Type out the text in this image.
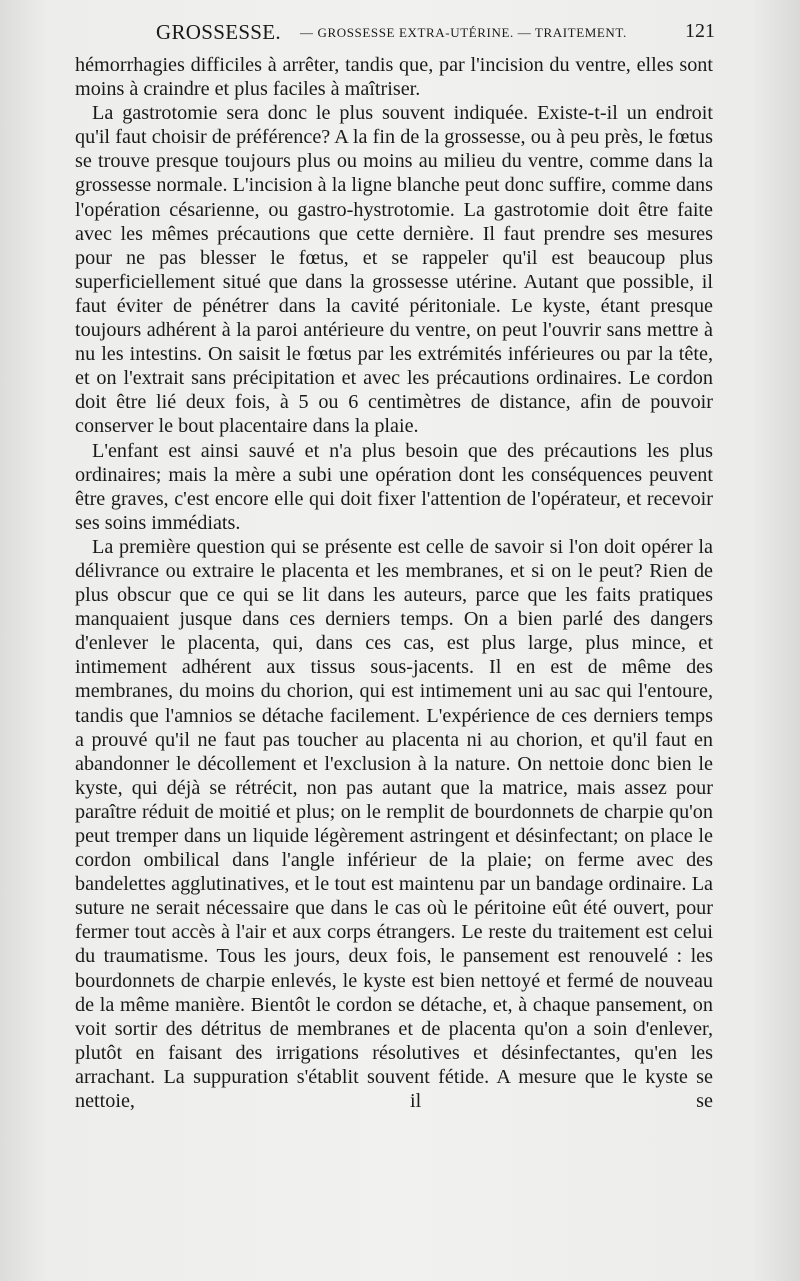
GROSSESSE. — GROSSESSE EXTRA-UTÉRINE. — TRAITEMENT.	121

hémorrhagies difficiles à arrêter, tandis que, par l'incision du ventre, elles sont moins à craindre et plus faciles à maîtriser.

La gastrotomie sera donc le plus souvent indiquée. Existe-t-il un endroit qu'il faut choisir de préférence? A la fin de la grossesse, ou à peu près, le fœtus se trouve presque toujours plus ou moins au milieu du ventre, comme dans la grossesse normale. L'incision à la ligne blanche peut donc suffire, comme dans l'opération césarienne, ou gastro-hystrotomie. La gastrotomie doit être faite avec les mêmes précautions que cette dernière. Il faut prendre ses mesures pour ne pas blesser le fœtus, et se rappeler qu'il est beaucoup plus superficiellement situé que dans la grossesse utérine. Autant que possible, il faut éviter de pénétrer dans la cavité péritoniale. Le kyste, étant presque toujours adhérent à la paroi antérieure du ventre, on peut l'ouvrir sans mettre à nu les intestins. On saisit le fœtus par les extrémités inférieures ou par la tête, et on l'extrait sans précipitation et avec les précautions ordinaires. Le cordon doit être lié deux fois, à 5 ou 6 centimètres de distance, afin de pouvoir conserver le bout placentaire dans la plaie.

L'enfant est ainsi sauvé et n'a plus besoin que des précautions les plus ordinaires; mais la mère a subi une opération dont les conséquences peuvent être graves, c'est encore elle qui doit fixer l'attention de l'opérateur, et recevoir ses soins immédiats.

La première question qui se présente est celle de savoir si l'on doit opérer la délivrance ou extraire le placenta et les membranes, et si on le peut? Rien de plus obscur que ce qui se lit dans les auteurs, parce que les faits pratiques manquaient jusque dans ces derniers temps. On a bien parlé des dangers d'enlever le placenta, qui, dans ces cas, est plus large, plus mince, et intimement adhérent aux tissus sous-jacents. Il en est de même des membranes, du moins du chorion, qui est intimement uni au sac qui l'entoure, tandis que l'amnios se détache facilement. L'expérience de ces derniers temps a prouvé qu'il ne faut pas toucher au placenta ni au chorion, et qu'il faut en abandonner le décollement et l'exclusion à la nature. On nettoie donc bien le kyste, qui déjà se rétrécit, non pas autant que la matrice, mais assez pour paraître réduit de moitié et plus; on le remplit de bourdonnets de charpie qu'on peut tremper dans un liquide légèrement astringent et désinfectant; on place le cordon ombilical dans l'angle inférieur de la plaie; on ferme avec des bandelettes agglutinatives, et le tout est maintenu par un bandage ordinaire. La suture ne serait nécessaire que dans le cas où le péritoine eût été ouvert, pour fermer tout accès à l'air et aux corps étrangers. Le reste du traitement est celui du traumatisme. Tous les jours, deux fois, le pansement est renouvelé : les bourdonnets de charpie enlevés, le kyste est bien nettoyé et fermé de nouveau de la même manière. Bientôt le cordon se détache, et, à chaque pansement, on voit sortir des détritus de membranes et de placenta qu'on a soin d'enlever, plutôt en faisant des irrigations résolutives et désinfectantes, qu'en les arrachant. La suppuration s'établit souvent fétide. A mesure que le kyste se nettoie, il se
